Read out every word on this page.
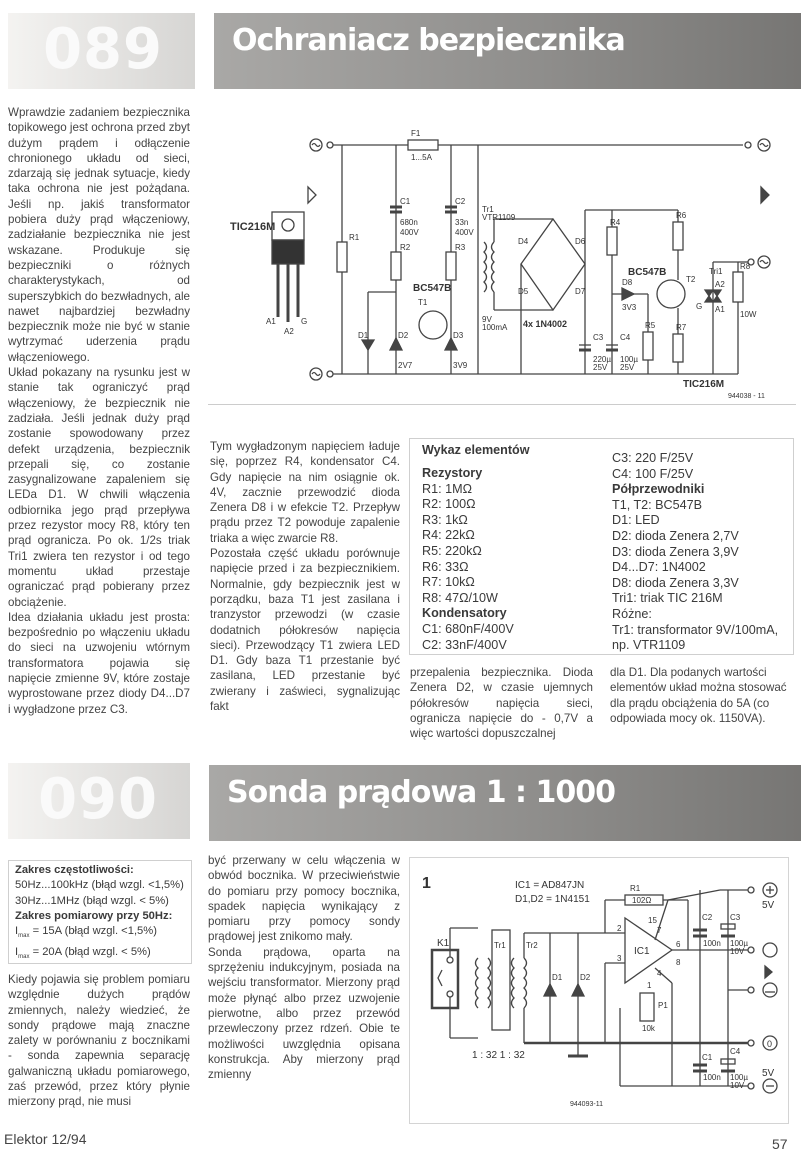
089 Ochraniacz bezpiecznika

Wprawdzie zadaniem bezpiecznika topikowego jest ochrona przed zbyt dużym prądem i odłączenie chronionego układu od sieci, zdarzają się jednak sytuacje, kiedy taka ochrona nie jest pożądana. Jeśli np. jakiś transformator pobiera duży prąd włączeniowy, zadziałanie bezpiecznika nie jest wskazane. Produkuje się bezpieczniki o różnych charakterystykach, od superszybkich do bezwładnych, ale nawet najbardziej bezwładny bezpiecznik może nie być w stanie wytrzymać uderzenia prądu włączeniowego.

Układ pokazany na rysunku jest w stanie tak ograniczyć prąd włączeniowy, że bezpiecznik nie zadziała. Jeśli jednak duży prąd zostanie spowodowany przez defekt urządzenia, bezpiecznik przepali się, co zostanie zasygnalizowane zapaleniem się LEDa D1. W chwili włączenia odbiornika jego prąd przepływa przez rezystor mocy R8, który ten prąd ogranicza. Po ok. 1/2s triak Tri1 zwiera ten rezystor i od tego momentu układ przestaje ograniczać prąd pobierany przez obciążenie.

Idea działania układu jest prosta: bezpośrednio po włączeniu układu do sieci na uzwojeniu wtórnym transformatora pojawia się napięcie zmienne 9V, które zostaje wyprostowane przez diody D4...D7 i wygładzone przez C3.

F1
1...5A
TIC216M
A1
A2
G
R1
C1
680n
400V
R2
C2
33n
400V
R3
BC547B
T1
D1	D2
2V7
D3
3V9
Tr1
VTR1109
9V
100mA
D4
D5
D6
D7
4x 1N4002
R4
R6
BC547B
T2
D8
3V3
R5	R7
C3
220µ
25V
C4
100µ
25V
Tri1
A2
A1
G
R8
10W
TIC216M
944038 - 11

Tym wygładzonym napięciem ładuje się, poprzez R4, kondensator C4. Gdy napięcie na nim osiągnie ok. 4V, zacznie przewodzić dioda Zenera D8 i w efekcie T2. Przepływ prądu przez T2 powoduje zapalenie triaka a więc zwarcie R8.

Pozostała część układu porównuje napięcie przed i za bezpiecznikiem. Normalnie, gdy bezpiecznik jest w porządku, baza T1 jest zasilana i tranzystor przewodzi (w czasie dodatnich półokresów napięcia sieci). Przewodzący T1 zwiera LED D1. Gdy baza T1 przestanie być zasilana, LED przestanie być zwierany i zaświeci, sygnalizując fakt

Wykaz elementów
Rezystory
R1: 1MΩ
R2: 100Ω
R3: 1kΩ
R4: 22kΩ
R5: 220kΩ
R6: 33Ω
R7: 10kΩ
R8: 47Ω/10W
Kondensatory
C1: 680nF/400V
C2: 33nF/400V
C3: 220 F/25V
C4: 100 F/25V
Półprzewodniki
T1, T2: BC547B
D1: LED
D2: dioda Zenera 2,7V
D3: dioda Zenera 3,9V
D4...D7: 1N4002
D8: dioda Zenera 3,3V
Tri1: triak TIC 216M
Różne:
Tr1: transformator 9V/100mA,
np. VTR1109

przepalenia bezpiecznika. Dioda Zenera D2, w czasie ujemnych półokresów napięcia sieci, ogranicza napięcie do - 0,7V a więc wartości dopuszczalnej

dla D1. Dla podanych wartości elementów układ można stosować dla prądu obciążenia do 5A (co odpowiada mocy ok. 1150VA).

090 Sonda prądowa 1 : 1000
Zakres częstotliwości:
50Hz...100kHz (błąd wzgl. <1,5%)
30Hz...1MHz (błąd wzgl. < 5%)
Zakres pomiarowy przy 50Hz:
$I_{max} = 15A$ (błąd wzgl. <1,5%)
$I_{max} = 20A$ (błąd wzgl. < 5%)

Kiedy pojawia się problem pomiaru względnie dużych prądów zmiennych, należy wiedzieć, że sondy prądowe mają znaczne zalety w porównaniu z bocznikami - sonda zapewnia separację galwaniczną układu pomiarowego, zaś przewód, przez który płynie mierzony prąd, nie musi

być przerwany w celu włączenia w obwód bocznika. W przeciwieństwie do pomiaru przy pomocy bocznika, spadek napięcia wynikający z pomiaru przy pomocy sondy prądowej jest znikomo mały.

Sonda prądowa, oparta na sprzężeniu indukcyjnym, posiada na wejściu transformator. Mierzony prąd może płynąć albo przez uzwojenie pierwotne, albo przez przewód przewleczony przez rdzeń. Obie te możliwości uwzględnia opisana konstrukcja. Aby mierzony prąd zmienny

1	IC1 = AD847JN
D1,D2 = 1N4151
K1	Tr1	Tr2
1 : 32 1 : 32
D1 D2
R1
102Ω
IC1
P1
10k
2
3
15
7
6
8
4
1
C2
100n
C3
100µ
10V
C1
100n
C4
100µ
10V
5V
0
5V
944093-11
Elektor 12/94	57
